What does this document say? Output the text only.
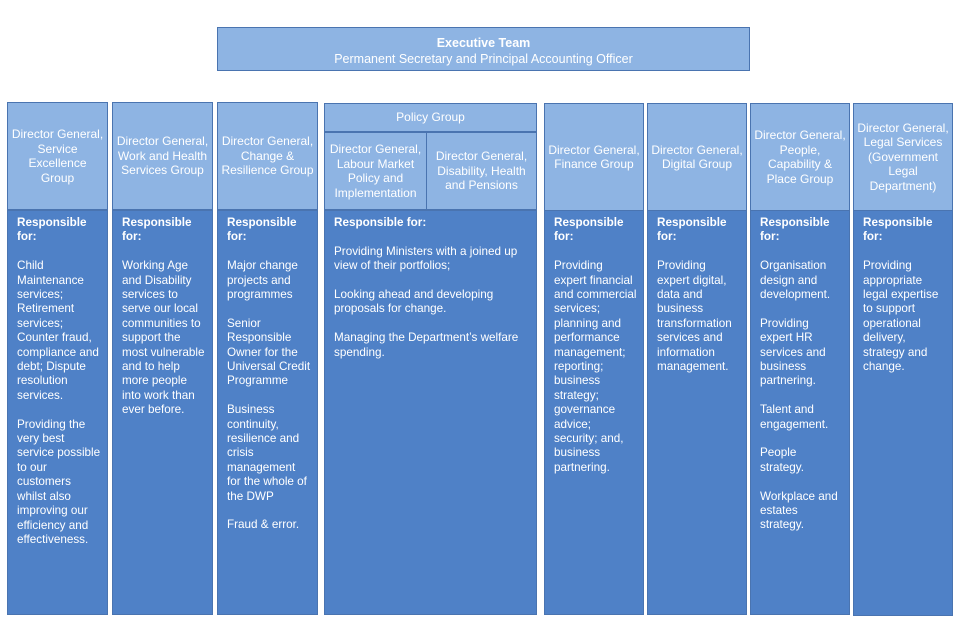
Executive Team
Permanent Secretary and Principal Accounting Officer
Director General, Service Excellence Group
Responsible for:

Child Maintenance services; Retirement services; Counter fraud, compliance and debt; Dispute resolution services.

Providing the very best service possible to our customers whilst also improving our efficiency and effectiveness.

Director General, Work and Health Services Group
Responsible for:

Working Age and Disability services to serve our local communities to support the most vulnerable and to help more people into work than ever before.

Director General, Change & Resilience Group
Responsible for:

Major change projects and programmes

Senior Responsible Owner for the Universal Credit Programme

Business continuity, resilience and crisis management for the whole of the DWP

Fraud & error.

Policy Group
Director General, Labour Market Policy and Implementation
Director General, Disability, Health and Pensions
Responsible for:

Providing Ministers with a joined up view of their portfolios;

Looking ahead and developing proposals for change.

Managing the Department’s welfare spending.

Director General, Finance Group
Responsible for:

Providing expert financial and commercial services; planning and performance management; reporting; business strategy; governance advice; security; and, business partnering.

Director General, Digital Group
Responsible for:

Providing expert digital, data and business transformation services and information management.

Director General, People, Capability & Place Group
Responsible for:

Organisation design and development.

Providing expert HR services and business partnering.

Talent and engagement.

People strategy.

Workplace and estates strategy.

Director General, Legal Services (Government Legal Department)
Responsible for:

Providing appropriate legal expertise to support operational delivery, strategy and change.
